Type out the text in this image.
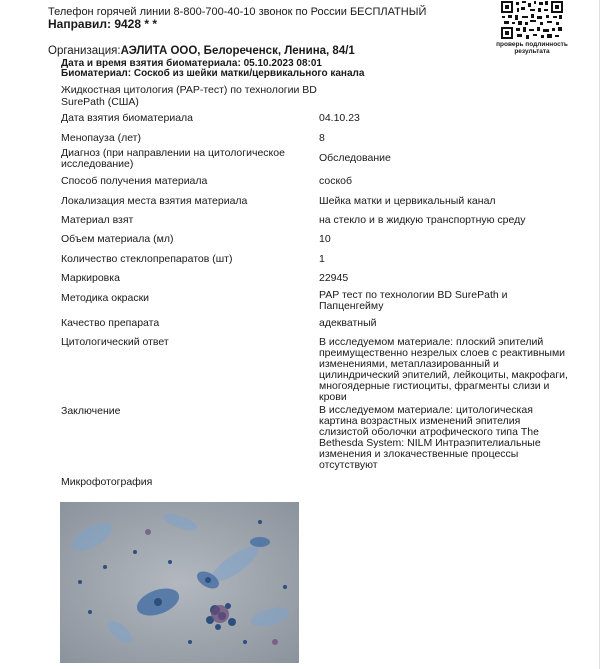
Телефон горячей линии 8-800-700-40-10 звонок по России БЕСПЛАТНЫЙ
Направил: 9428 * *
проверь подлинность результата
Организация:АЭЛИТА ООО, Белореченск, Ленина, 84/1
Дата и время взятия биоматериала: 05.10.2023 08:01
Биоматериал: Соскоб из шейки матки/цервикального канала
Жидкостная цитология (PAP-тест) по технологии BD SurePath (США)
Дата взятия биоматериала	04.10.23
Менопауза (лет)	8
Диагноз (при направлении на цитологическое исследование)	Обследование
Способ получения материала	соскоб
Локализация места взятия материала	Шейка матки и цервикальный канал
Материал взят	на стекло и в жидкую транспортную среду
Объем материала (мл)	10
Количество стеклопрепаратов (шт)	1
Маркировка	22945
Методика окраски	PAP тест по технологии BD SurePath и Папценгейму
Качество препарата	адекватный
Цитологический ответ	В исследуемом материале: плоский эпителий преимущественно незрелых слоев с реактивными изменениями, метаплазированный и цилиндрический эпителий, лейкоциты, макрофаги, многоядерные гистиоциты, фрагменты слизи и крови
Заключение	В исследуемом материале: цитологическая картина возрастных изменений эпителия слизистой оболочки атрофического типа The Bethesda System: NILM Интраэпителиальные изменения и злокачественные процессы отсутствуют
Микрофотография
